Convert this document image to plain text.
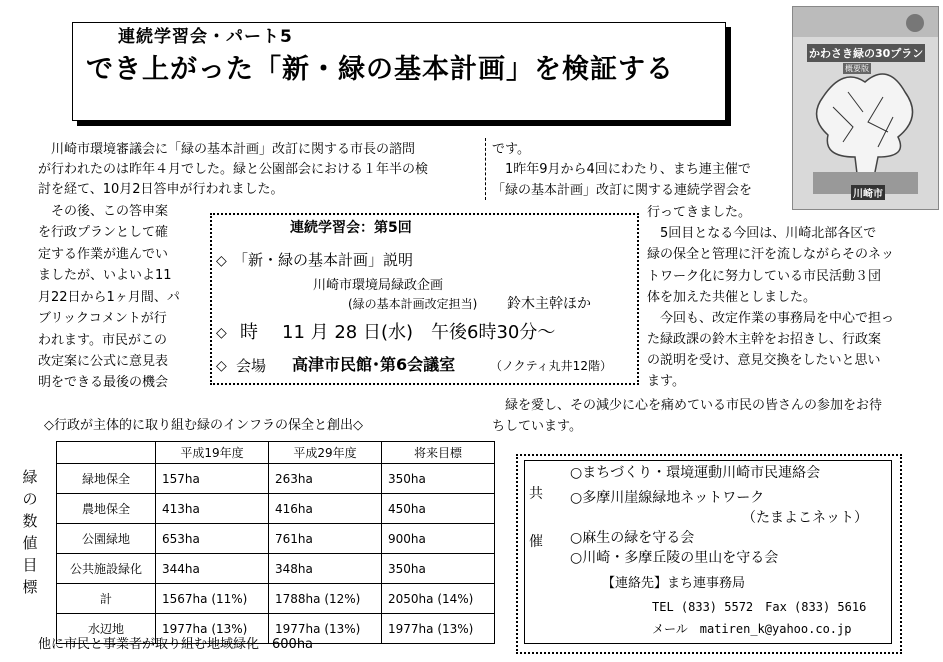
連続学習会・パート5
でき上がった「新・緑の基本計画」を検証する
かわさき緑の30プラン
概要版
川崎市
　川崎市環境審議会に「緑の基本計画」改訂に関する市長の諮問
が行われたのは昨年４月でした。緑と公園部会における１年半の検
討を経て、10月2日答申が行われました。
　その後、この答申案
を行政プランとして確
定する作業が進んでい
ましたが、いよいよ11
月22日から1ヶ月間、パ
ブリックコメントが行
われます。市民がこの
改定案に公式に意見表
明をできる最後の機会
です。
　1昨年9月から4回にわたり、まち連主催で
「緑の基本計画」改訂に関する連続学習会を
行ってきました。
　5回目となる今回は、川崎北部各区で
緑の保全と管理に汗を流しながらそのネッ
トワーク化に努力している市民活動３団
体を加えた共催としました。
　今回も、改定作業の事務局を中心で担っ
た緑政課の鈴木主幹をお招きし、行政案
の説明を受け、意見交換をしたいと思い
ます。
　緑を愛し、その減少に心を痛めている市民の皆さんの参加をお待
ちしています。
連続学習会：第5回
◇ 「新・緑の基本計画」説明
川崎市環境局緑政企画
(緑の基本計画改定担当) 鈴木主幹ほか
◇ 時 11 月 28 日(水)　午後6時30分～
◇ 会場 高津市民館･第6会議室	（ノクティ丸井12階）
◇行政が主体的に取り組む緑のインフラの保全と創出◇
緑
の
数
値
目
標
	平成19年度	平成29年度	将来目標
緑地保全	157ha	263ha	350ha
農地保全	413ha	416ha	450ha
公園緑地	653ha	761ha	900ha
公共施設緑化	344ha	348ha	350ha
計	1567ha (11%)	1788ha (12%)	2050ha (14%)
水辺地	1977ha (13%)	1977ha (13%)	1977ha (13%)
他に市民と事業者が取り組む地域緑化　600ha
共
催
○まちづくり・環境運動川崎市民連絡会
○多摩川崖線緑地ネットワーク
（たまよこネット）
○麻生の緑を守る会
○川崎・多摩丘陵の里山を守る会
【連絡先】まち連事務局
TEL (833) 5572　Fax (833) 5616
メール　matiren_k@yahoo.co.jp
